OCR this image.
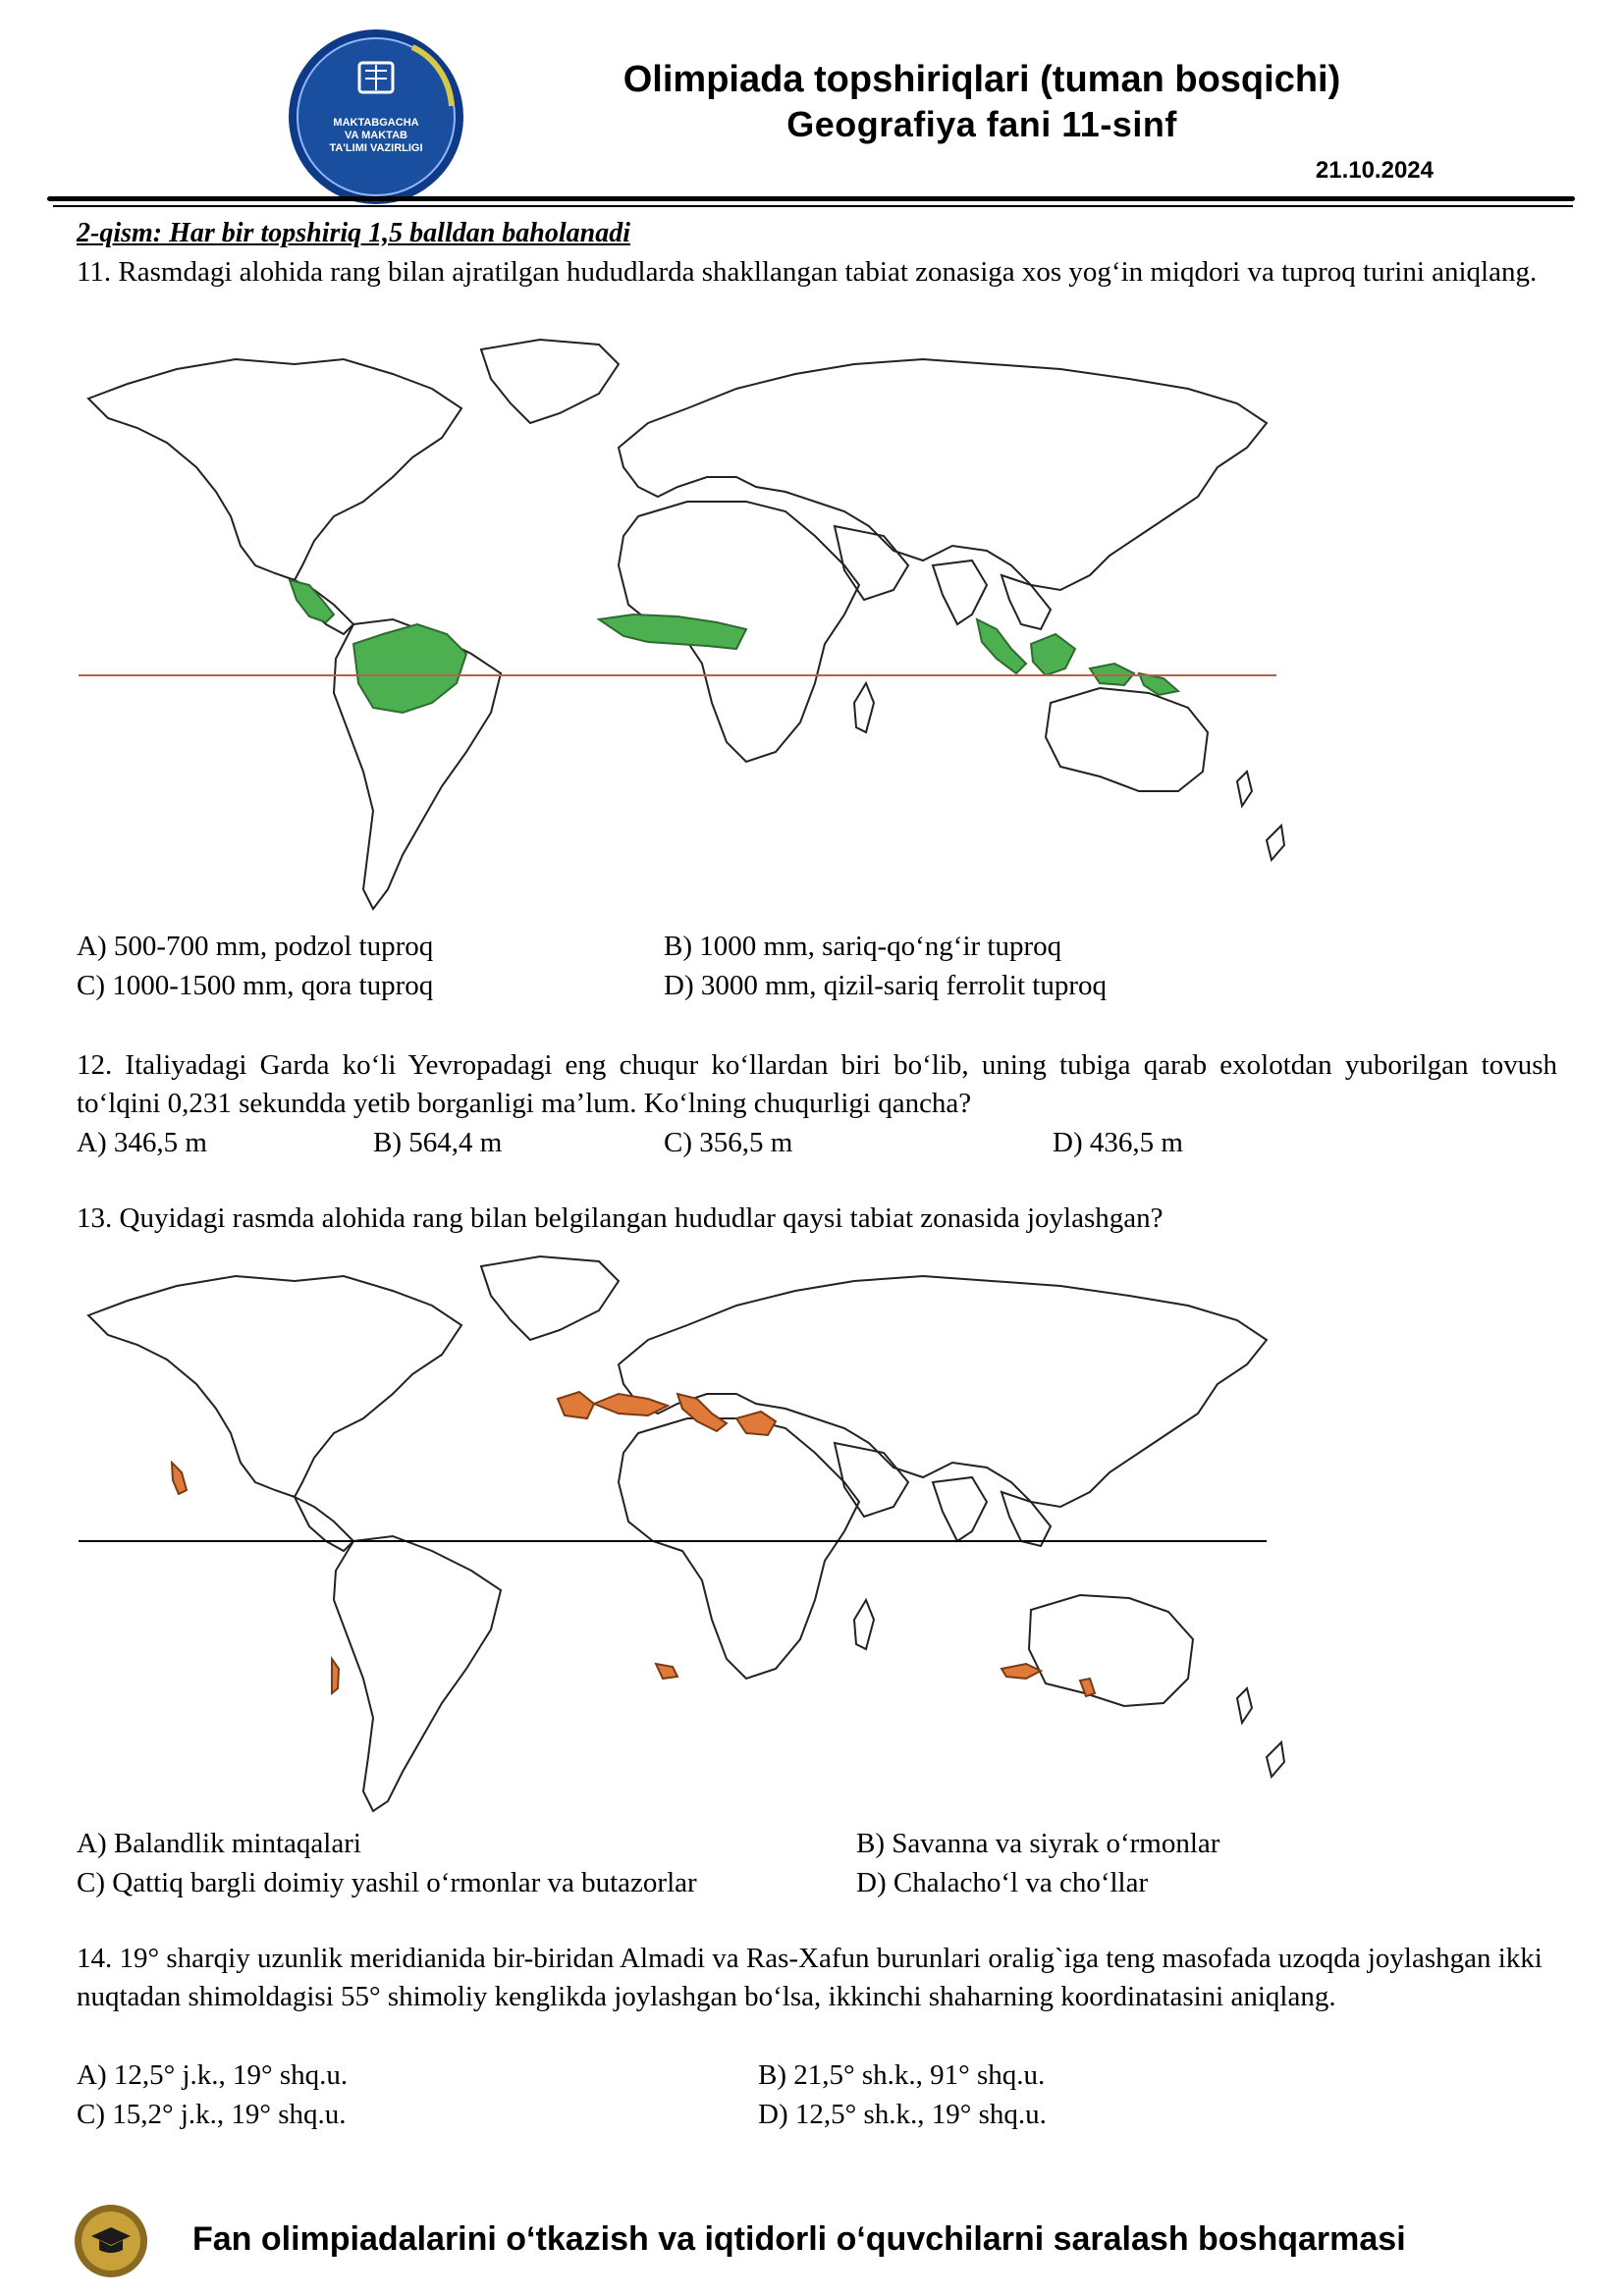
MAKTABGACHA
VA MAKTAB
TA'LIMI VAZIRLIGI
Olimpiada topshiriqlari (tuman bosqichi)
Geografiya fani 11-sinf
21.10.2024
2-qism: Har bir topshiriq 1,5 balldan baholanadi
11. Rasmdagi alohida rang bilan ajratilgan hududlarda shakllangan tabiat zonasiga xos yog‘in miqdori va tuproq turini aniqlang.
A) 500-700 mm, podzol tuproq	B) 1000 mm, sariq-qo‘ng‘ir tuproq
C) 1000-1500 mm, qora tuproq	D) 3000 mm, qizil-sariq ferrolit tuproq
12. Italiyadagi Garda ko‘li Yevropadagi eng chuqur ko‘llardan biri bo‘lib, uning tubiga qarab exolotdan yuborilgan tovush to‘lqini 0,231 sekundda yetib borganligi ma’lum. Ko‘lning chuqurligi qancha?
A) 346,5 m	B) 564,4 m	C) 356,5 m	D) 436,5 m
13. Quyidagi rasmda alohida rang bilan belgilangan hududlar qaysi tabiat zonasida joylashgan?
A) Balandlik mintaqalari	B) Savanna va siyrak o‘rmonlar
C) Qattiq bargli doimiy yashil o‘rmonlar va butazorlar	D) Chalacho‘l va cho‘llar
14. 19° sharqiy uzunlik meridianida bir-biridan Almadi va Ras-Xafun burunlari oralig`iga teng masofada uzoqda joylashgan ikki nuqtadan shimoldagisi 55° shimoliy kenglikda joylashgan bo‘lsa, ikkinchi shaharning koordinatasini aniqlang.
A) 12,5° j.k., 19° shq.u.	B) 21,5° sh.k., 91° shq.u.
C) 15,2° j.k., 19° shq.u.	D) 12,5° sh.k., 19° shq.u.
Fan olimpiadalarini o‘tkazish va iqtidorli o‘quvchilarni saralash boshqarmasi
